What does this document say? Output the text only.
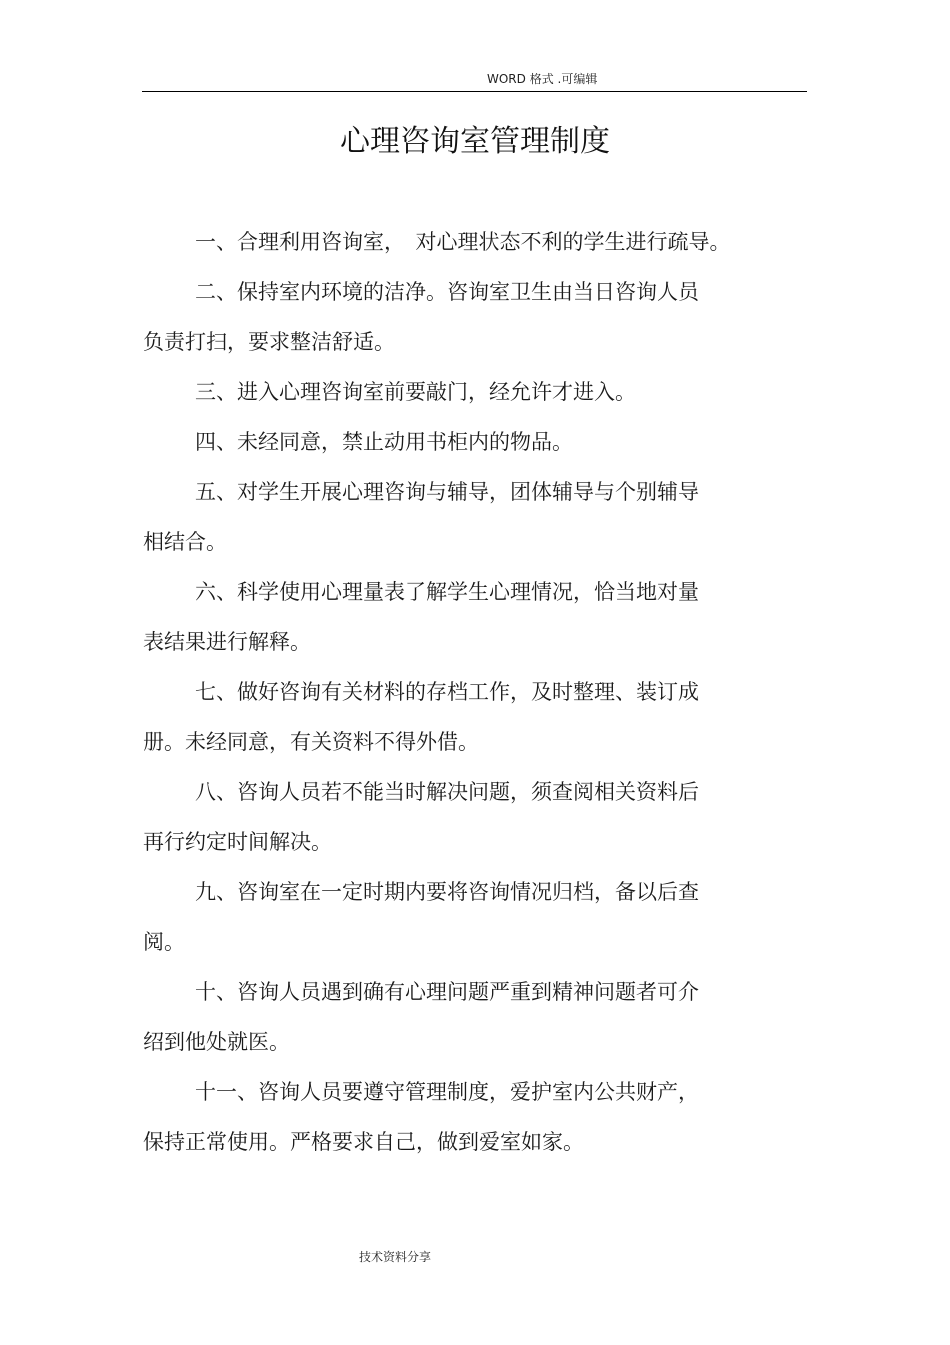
WORD 格式 .可编辑
心理咨询室管理制度
一、合理利用咨询室，　对心理状态不利的学生进行疏导。
二、保持室内环境的洁净。咨询室卫生由当日咨询人员
负责打扫，要求整洁舒适。
三、进入心理咨询室前要敲门，经允许才进入。
四、未经同意，禁止动用书柜内的物品。
五、对学生开展心理咨询与辅导，团体辅导与个别辅导
相结合。
六、科学使用心理量表了解学生心理情况，恰当地对量
表结果进行解释。
七、做好咨询有关材料的存档工作，及时整理、装订成
册。未经同意，有关资料不得外借。
八、咨询人员若不能当时解决问题，须查阅相关资料后
再行约定时间解决。
九、咨询室在一定时期内要将咨询情况归档，备以后查
阅。
十、咨询人员遇到确有心理问题严重到精神问题者可介
绍到他处就医。
十一、咨询人员要遵守管理制度，爱护室内公共财产，
保持正常使用。严格要求自己，做到爱室如家。
技术资料分享
